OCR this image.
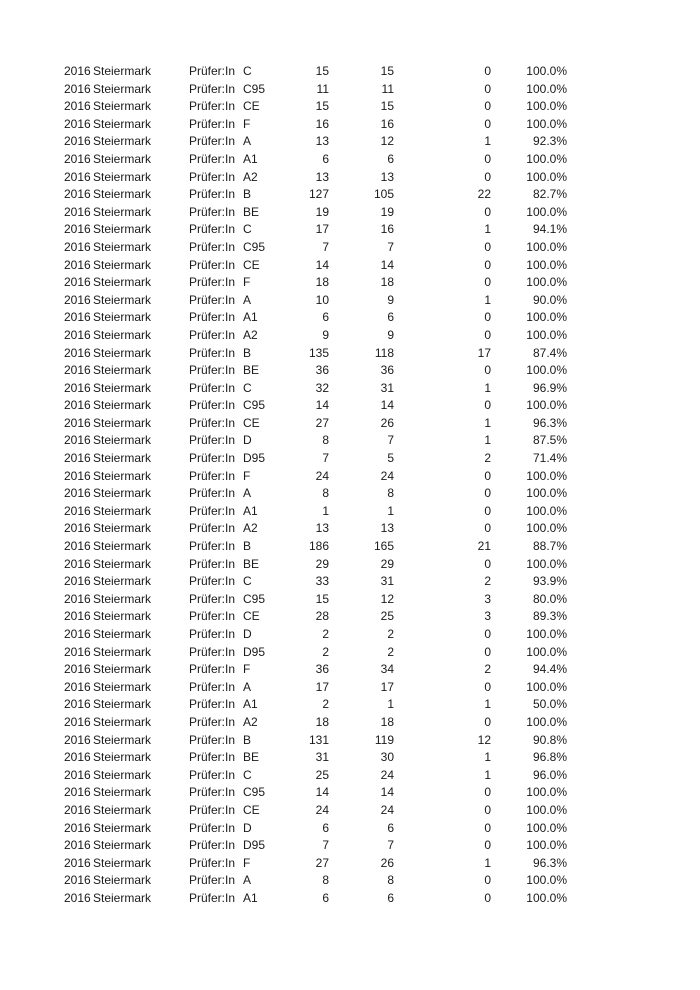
2016 Steiermark	Prüfer:In C	15	15	0	100.0%
2016 Steiermark	Prüfer:In C95	11	11	0	100.0%
2016 Steiermark	Prüfer:In CE	15	15	0	100.0%
2016 Steiermark	Prüfer:In F	16	16	0	100.0%
2016 Steiermark	Prüfer:In A	13	12	1	92.3%
2016 Steiermark	Prüfer:In A1	6	6	0	100.0%
2016 Steiermark	Prüfer:In A2	13	13	0	100.0%
2016 Steiermark	Prüfer:In B	127	105	22	82.7%
2016 Steiermark	Prüfer:In BE	19	19	0	100.0%
2016 Steiermark	Prüfer:In C	17	16	1	94.1%
2016 Steiermark	Prüfer:In C95	7	7	0	100.0%
2016 Steiermark	Prüfer:In CE	14	14	0	100.0%
2016 Steiermark	Prüfer:In F	18	18	0	100.0%
2016 Steiermark	Prüfer:In A	10	9	1	90.0%
2016 Steiermark	Prüfer:In A1	6	6	0	100.0%
2016 Steiermark	Prüfer:In A2	9	9	0	100.0%
2016 Steiermark	Prüfer:In B	135	118	17	87.4%
2016 Steiermark	Prüfer:In BE	36	36	0	100.0%
2016 Steiermark	Prüfer:In C	32	31	1	96.9%
2016 Steiermark	Prüfer:In C95	14	14	0	100.0%
2016 Steiermark	Prüfer:In CE	27	26	1	96.3%
2016 Steiermark	Prüfer:In D	8	7	1	87.5%
2016 Steiermark	Prüfer:In D95	7	5	2	71.4%
2016 Steiermark	Prüfer:In F	24	24	0	100.0%
2016 Steiermark	Prüfer:In A	8	8	0	100.0%
2016 Steiermark	Prüfer:In A1	1	1	0	100.0%
2016 Steiermark	Prüfer:In A2	13	13	0	100.0%
2016 Steiermark	Prüfer:In B	186	165	21	88.7%
2016 Steiermark	Prüfer:In BE	29	29	0	100.0%
2016 Steiermark	Prüfer:In C	33	31	2	93.9%
2016 Steiermark	Prüfer:In C95	15	12	3	80.0%
2016 Steiermark	Prüfer:In CE	28	25	3	89.3%
2016 Steiermark	Prüfer:In D	2	2	0	100.0%
2016 Steiermark	Prüfer:In D95	2	2	0	100.0%
2016 Steiermark	Prüfer:In F	36	34	2	94.4%
2016 Steiermark	Prüfer:In A	17	17	0	100.0%
2016 Steiermark	Prüfer:In A1	2	1	1	50.0%
2016 Steiermark	Prüfer:In A2	18	18	0	100.0%
2016 Steiermark	Prüfer:In B	131	119	12	90.8%
2016 Steiermark	Prüfer:In BE	31	30	1	96.8%
2016 Steiermark	Prüfer:In C	25	24	1	96.0%
2016 Steiermark	Prüfer:In C95	14	14	0	100.0%
2016 Steiermark	Prüfer:In CE	24	24	0	100.0%
2016 Steiermark	Prüfer:In D	6	6	0	100.0%
2016 Steiermark	Prüfer:In D95	7	7	0	100.0%
2016 Steiermark	Prüfer:In F	27	26	1	96.3%
2016 Steiermark	Prüfer:In A	8	8	0	100.0%
2016 Steiermark	Prüfer:In A1	6	6	0	100.0%
